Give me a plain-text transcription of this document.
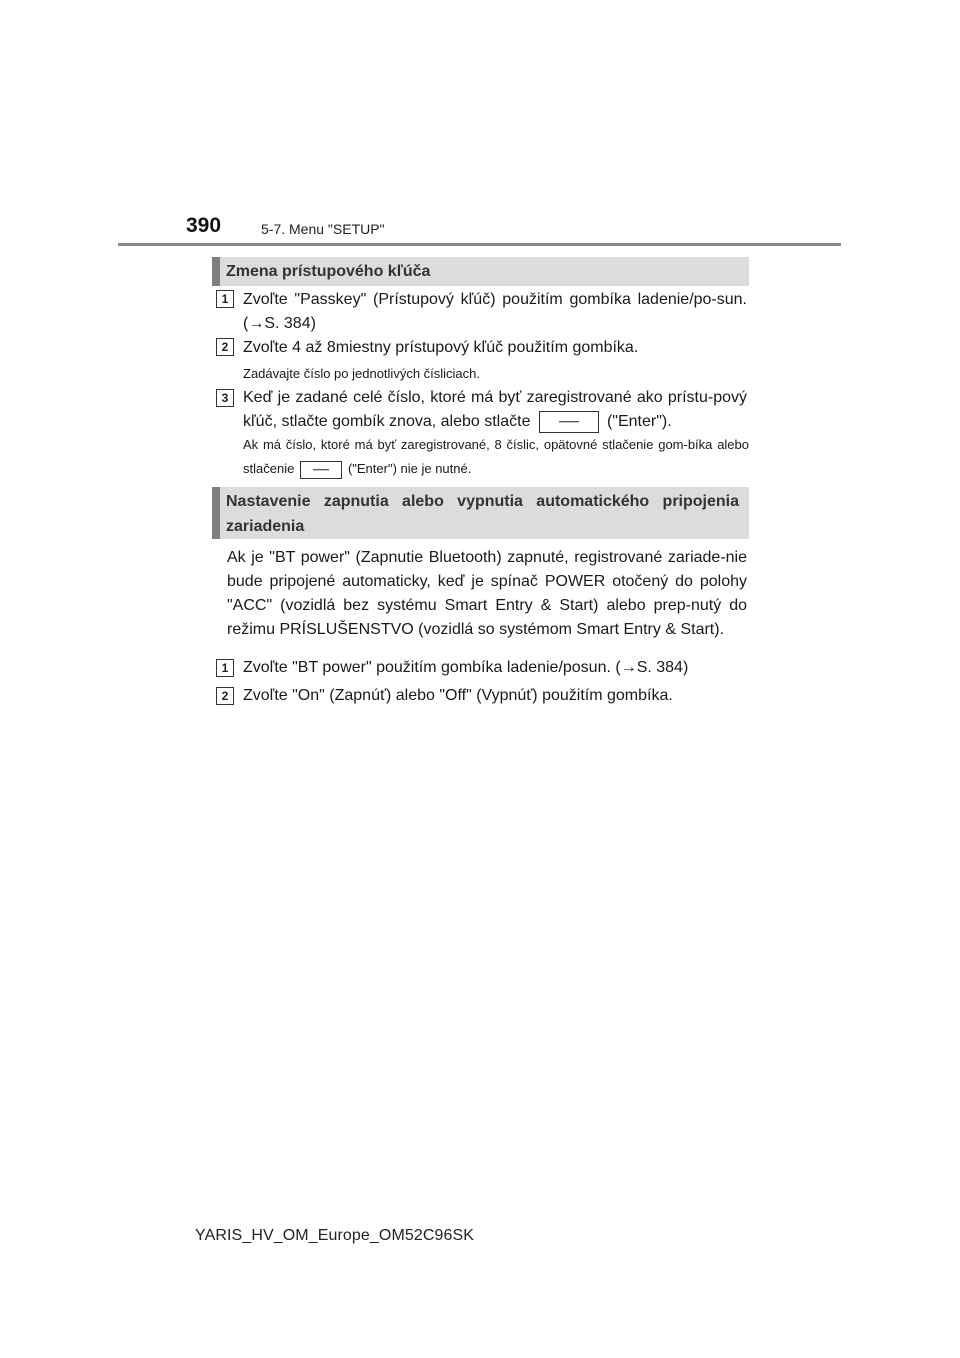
390	5-7. Menu "SETUP"
Zmena prístupového kľúča
1 Zvoľte "Passkey" (Prístupový kľúč) použitím gombíka ladenie/po-sun. (→S. 384)
2 Zvoľte 4 až 8miestny prístupový kľúč použitím gombíka.
Zadávajte číslo po jednotlivých čísliciach.
3 Keď je zadané celé číslo, ktoré má byť zaregistrované ako prístu-pový kľúč, stlačte gombík znova, alebo stlačte	("Enter").
Ak má číslo, ktoré má byť zaregistrované, 8 číslic, opätovné stlačenie gom-bíka alebo stlačenie	("Enter") nie je nutné.
Nastavenie zapnutia alebo vypnutia automatického pripojenia zariadenia
Ak je "BT power" (Zapnutie Bluetooth) zapnuté, registrované zariade-nie bude pripojené automaticky, keď je spínač POWER otočený do polohy "ACC" (vozidlá bez systému Smart Entry & Start) alebo prep-nutý do režimu PRÍSLUŠENSTVO (vozidlá so systémom Smart Entry & Start).
1 Zvoľte "BT power" použitím gombíka ladenie/posun. (→S. 384)
2 Zvoľte "On" (Zapnúť) alebo "Off" (Vypnúť) použitím gombíka.
YARIS_HV_OM_Europe_OM52C96SK
